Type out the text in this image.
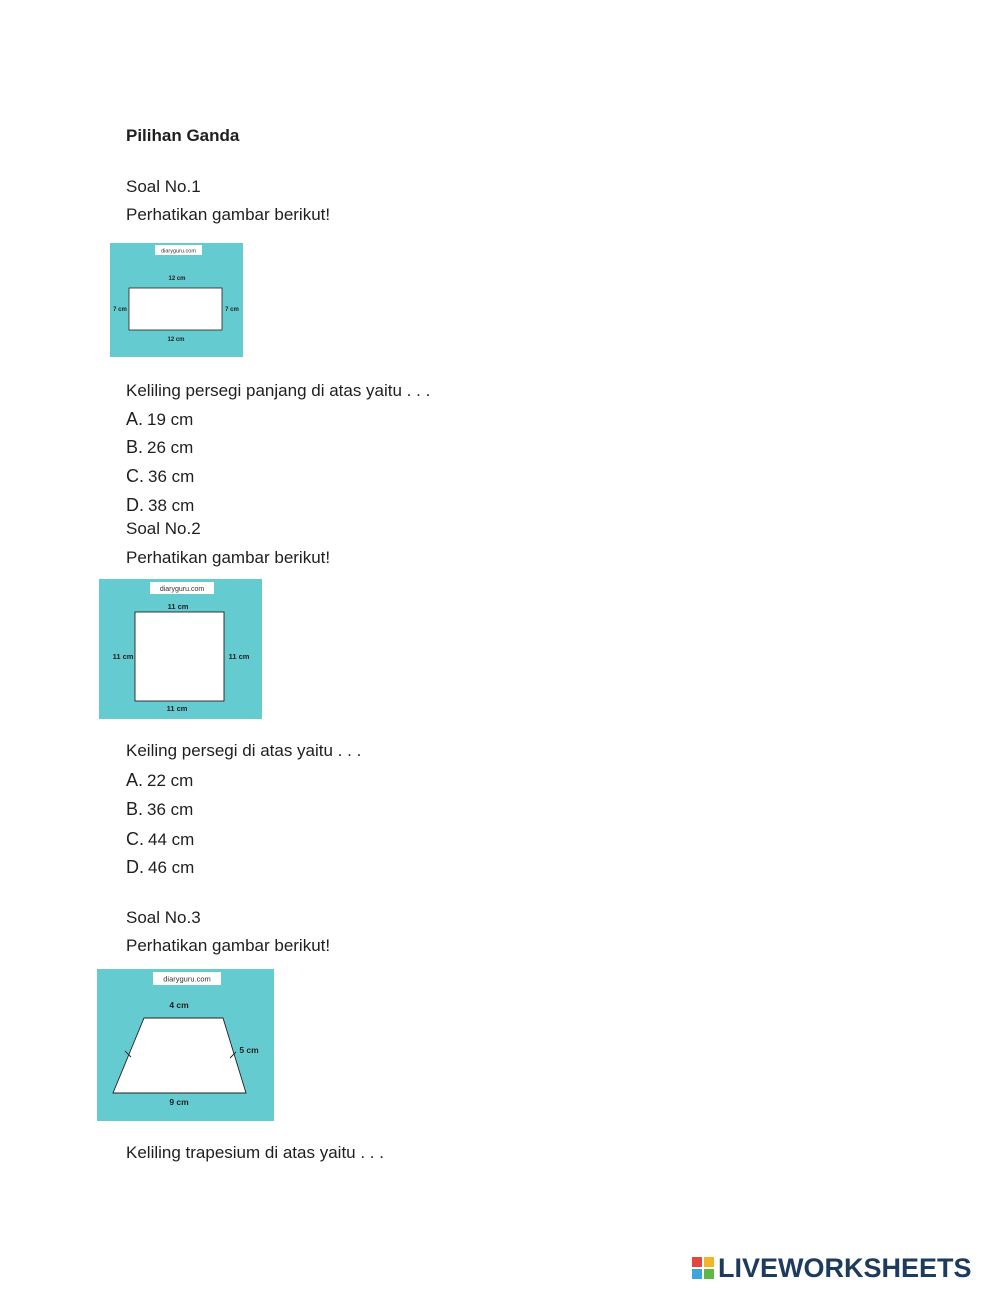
Pilihan Ganda
Soal No.1
Perhatikan gambar berikut!
diaryguru.com
12 cm
7 cm	7 cm
12 cm
Keliling persegi panjang di atas yaitu . . .
A. 19 cm
B. 26 cm
C. 36 cm
D. 38 cm
Soal No.2
Perhatikan gambar berikut!
diaryguru.com
11 cm
11 cm	11 cm
11 cm
Keiling persegi di atas yaitu . . .
A. 22 cm
B. 36 cm
C. 44 cm
D. 46 cm
Soal No.3
Perhatikan gambar berikut!
diaryguru.com
4 cm
5 cm
9 cm
Keliling trapesium di atas yaitu . . .
LIVEWORKSHEETS
